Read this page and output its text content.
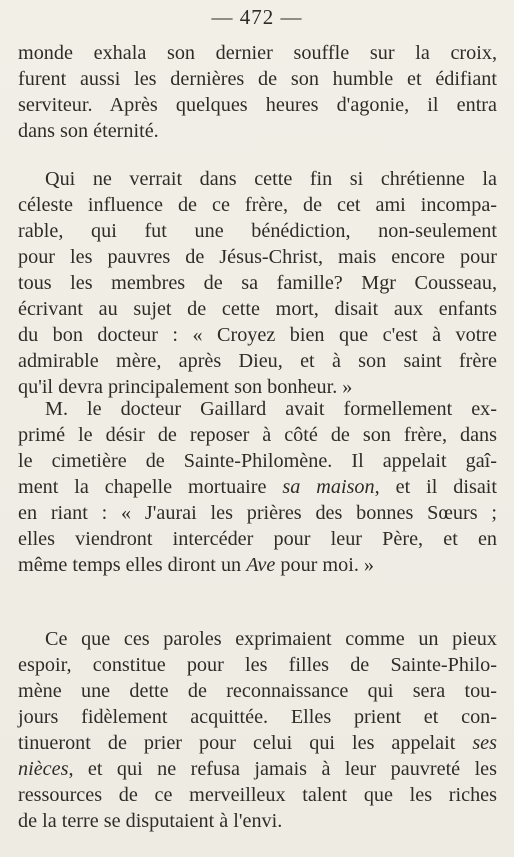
— 472 —
monde exhala son dernier souffle sur la croix,
furent aussi les dernières de son humble et édifiant
serviteur. Après quelques heures d'agonie, il entra
dans son éternité.
Qui ne verrait dans cette fin si chrétienne la
céleste influence de ce frère, de cet ami incompa-
rable, qui fut une bénédiction, non-seulement
pour les pauvres de Jésus-Christ, mais encore pour
tous les membres de sa famille? Mgr Cousseau,
écrivant au sujet de cette mort, disait aux enfants
du bon docteur : « Croyez bien que c'est à votre
admirable mère, après Dieu, et à son saint frère
qu'il devra principalement son bonheur. »
M. le docteur Gaillard avait formellement ex-
primé le désir de reposer à côté de son frère, dans
le cimetière de Sainte-Philomène. Il appelait gaî-
ment la chapelle mortuaire sa maison, et il disait
en riant : « J'aurai les prières des bonnes Sœurs ;
elles viendront intercéder pour leur Père, et en
même temps elles diront un Ave pour moi. »
Ce que ces paroles exprimaient comme un pieux
espoir, constitue pour les filles de Sainte-Philo-
mène une dette de reconnaissance qui sera tou-
jours fidèlement acquittée. Elles prient et con-
tinueront de prier pour celui qui les appelait ses
nièces, et qui ne refusa jamais à leur pauvreté les
ressources de ce merveilleux talent que les riches
de la terre se disputaient à l'envi.
